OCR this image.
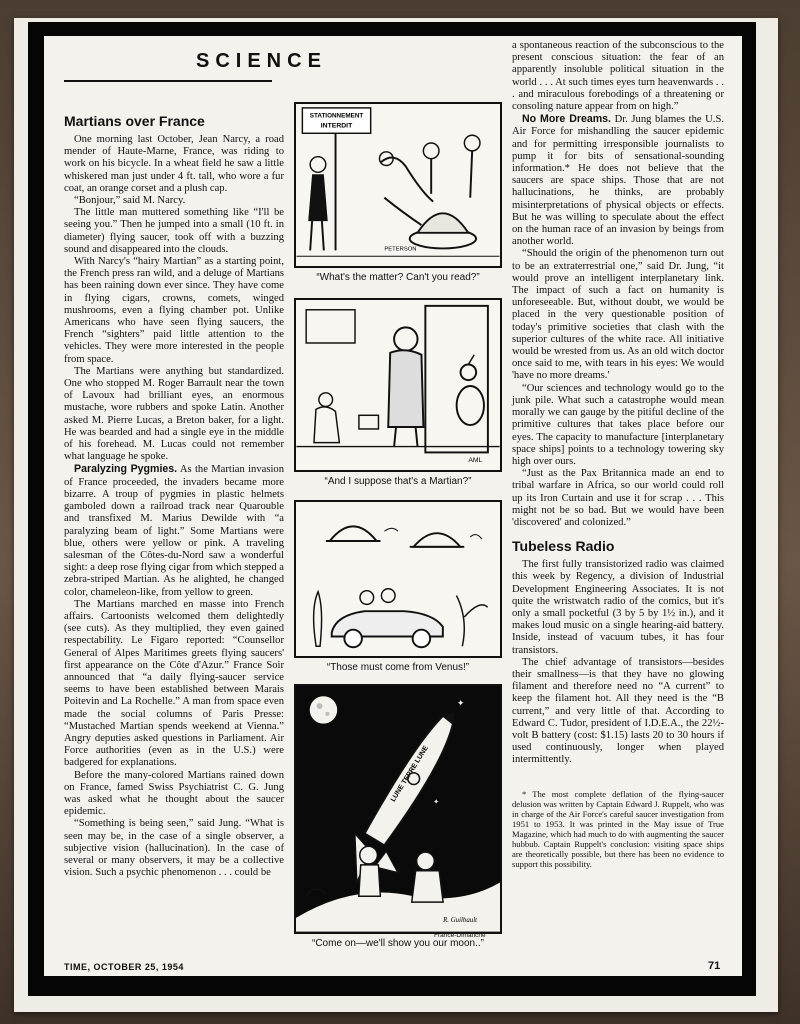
SCIENCE
Martians over France

One morning last October, Jean Narcy, a road mender of Haute-Marne, France, was riding to work on his bicycle. In a wheat field he saw a little whiskered man just under 4 ft. tall, who wore a fur coat, an orange corset and a plush cap.

“Bonjour,” said M. Narcy.

The little man muttered something like “I'll be seeing you.” Then he jumped into a small (10 ft. in diameter) flying saucer, took off with a buzzing sound and disappeared into the clouds.

With Narcy's “hairy Martian” as a starting point, the French press ran wild, and a deluge of Martians has been raining down ever since. They have come in flying cigars, crowns, comets, winged mushrooms, even a flying chamber pot. Unlike Americans who have seen flying saucers, the French “sighters” paid little attention to the vehicles. They were more interested in the people from space.

The Martians were anything but standardized. One who stopped M. Roger Barrault near the town of Lavoux had brilliant eyes, an enormous mustache, wore rubbers and spoke Latin. Another asked M. Pierre Lucas, a Breton baker, for a light. He was bearded and had a single eye in the middle of his forehead. M. Lucas could not remember what language he spoke.

Paralyzing Pygmies. As the Martian invasion of France proceeded, the invaders became more bizarre. A troup of pygmies in plastic helmets gamboled down a railroad track near Quarouble and transfixed M. Marius Dewilde with “a paralyzing beam of light.” Some Martians were blue, others were yellow or pink. A traveling salesman of the Côtes-du-Nord saw a wonderful sight: a deep rose flying cigar from which stepped a zebra-striped Martian. As he alighted, he changed color, chameleon-like, from yellow to green.

The Martians marched en masse into French affairs. Cartoonists welcomed them delightedly (see cuts). As they multiplied, they even gained respectability. Le Figaro reported: “Counsellor General of Alpes Maritimes greets flying saucers' first appearance on the Côte d'Azur.” France Soir announced that “a daily flying-saucer service seems to have been established between Marais Poitevin and La Rochelle.” A man from space even made the social columns of Paris Presse: “Mustached Martian spends weekend at Vienna.” Angry deputies asked questions in Parliament. Air Force authorities (even as in the U.S.) were badgered for explanations.

Before the many-colored Martians rained down on France, famed Swiss Psychiatrist C. G. Jung was asked what he thought about the saucer epidemic.

“Something is being seen,” said Jung. “What is seen may be, in the case of a single observer, a subjective vision (hallucination). In the case of several or many observers, it may be a collective vision. Such a psychic phenomenon . . . could be

STATIONNEMENT
INTERDIT
PETERSON
“What's the matter? Can't you read?”
AML
“And I suppose that's a Martian?”
“Those must come from Venus!”
✦
✦
LUNE TERRE LUNE
R. Guilbault
France-Dimanche
“Come on—we'll show you our moon..”

a spontaneous reaction of the subconscious to the present conscious situation: the fear of an apparently insoluble political situation in the world . . . At such times eyes turn heavenwards . . . and miraculous forebodings of a threatening or consoling nature appear from on high.”

No More Dreams. Dr. Jung blames the U.S. Air Force for mishandling the saucer epidemic and for permitting irresponsible journalists to pump it for bits of sensational-sounding information.* He does not believe that the saucers are space ships. Those that are not hallucinations, he thinks, are probably misinterpretations of physical objects or effects. But he was willing to speculate about the effect on the human race of an invasion by beings from another world.

“Should the origin of the phenomenon turn out to be an extraterrestrial one,” said Dr. Jung, “it would prove an intelligent interplanetary link. The impact of such a fact on humanity is unforeseeable. But, without doubt, we would be placed in the very questionable position of today's primitive societies that clash with the superior cultures of the white race. All initiative would be wrested from us. As an old witch doctor once said to me, with tears in his eyes: We would 'have no more dreams.'

“Our sciences and technology would go to the junk pile. What such a catastrophe would mean morally we can gauge by the pitiful decline of the primitive cultures that takes place before our eyes. The capacity to manufacture [interplanetary space ships] points to a technology towering sky high over ours.

“Just as the Pax Britannica made an end to tribal warfare in Africa, so our world could roll up its Iron Curtain and use it for scrap . . . This might not be so bad. But we would have been 'discovered' and colonized.”

Tubeless Radio

The first fully transistorized radio was claimed this week by Regency, a division of Industrial Development Engineering Associates. It is not quite the wristwatch radio of the comics, but it's only a small pocketful (3 by 5 by 1½ in.), and it makes loud music on a single hearing-aid battery. Inside, instead of vacuum tubes, it has four transistors.

The chief advantage of transistors—besides their smallness—is that they have no glowing filament and therefore need no “A current” to keep the filament hot. All they need is the “B current,” and very little of that. According to Edward C. Tudor, president of I.D.E.A., the 22½-volt B battery (cost: $1.15) lasts 20 to 30 hours if used continuously, longer when played intermittently.

* The most complete deflation of the flying-saucer delusion was written by Captain Edward J. Ruppelt, who was in charge of the Air Force's careful saucer investigation from 1951 to 1953. It was printed in the May issue of True Magazine, which had much to do with augmenting the saucer hubbub. Captain Ruppelt's conclusion: visiting space ships are theoretically possible, but there has been no evidence to support this possibility.

TIME, OCTOBER 25, 1954	71
